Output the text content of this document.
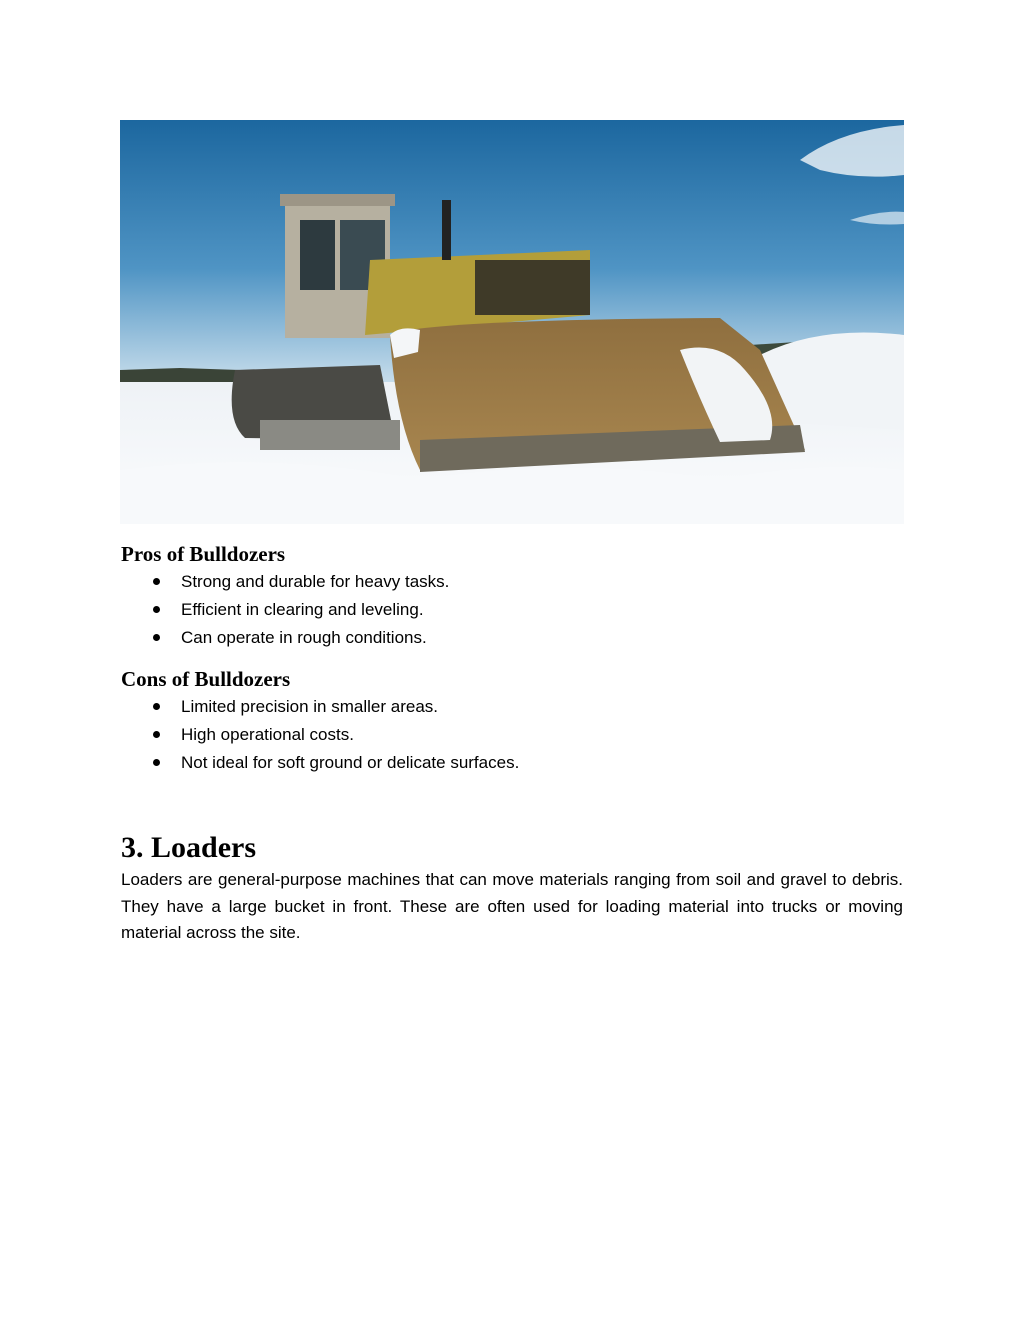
Pros of Bulldozers
Strong and durable for heavy tasks.
Efficient in clearing and leveling.
Can operate in rough conditions.
Cons of Bulldozers
Limited precision in smaller areas.
High operational costs.
Not ideal for soft ground or delicate surfaces.
3. Loaders

Loaders are general-purpose machines that can move materials ranging from soil and gravel to debris. They have a large bucket in front. These are often used for loading material into trucks or moving material across the site.
